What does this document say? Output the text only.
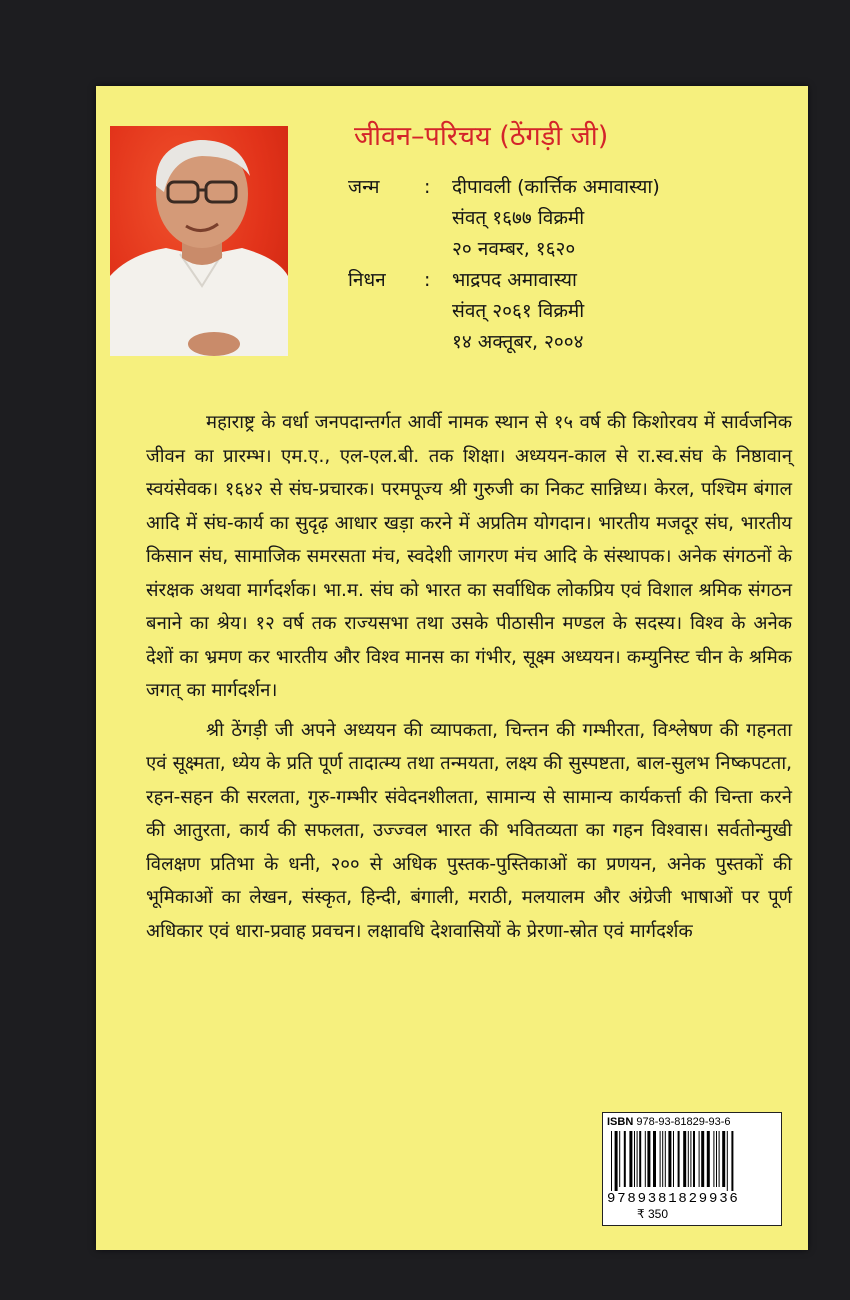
जीवन–परिचय (ठेंगड़ी जी)
जन्म : दीपावली (कार्त्तिक अमावास्या)
संवत् १६७७ विक्रमी
२० नवम्बर, १६२०
निधन : भाद्रपद अमावास्या
संवत् २०६१ विक्रमी
१४ अक्तूबर, २००४

महाराष्ट्र के वर्धा जनपदान्तर्गत आर्वी नामक स्थान से १५ वर्ष की किशोरवय में सार्वजनिक जीवन का प्रारम्भ। एम.ए., एल-एल.बी. तक शिक्षा। अध्ययन-काल से रा.स्व.संघ के निष्ठावान् स्वयंसेवक। १६४२ से संघ-प्रचारक। परमपूज्य श्री गुरुजी का निकट सान्निध्य। केरल, पश्चिम बंगाल आदि में संघ-कार्य का सुदृढ़ आधार खड़ा करने में अप्रतिम योगदान। भारतीय मजदूर संघ, भारतीय किसान संघ, सामाजिक समरसता मंच, स्वदेशी जागरण मंच आदि के संस्थापक। अनेक संगठनों के संरक्षक अथवा मार्गदर्शक। भा.म. संघ को भारत का सर्वाधिक लोकप्रिय एवं विशाल श्रमिक संगठन बनाने का श्रेय। १२ वर्ष तक राज्यसभा तथा उसके पीठासीन मण्डल के सदस्य। विश्व के अनेक देशों का भ्रमण कर भारतीय और विश्व मानस का गंभीर, सूक्ष्म अध्ययन। कम्युनिस्ट चीन के श्रमिक जगत् का मार्गदर्शन।

श्री ठेंगड़ी जी अपने अध्ययन की व्यापकता, चिन्तन की गम्भीरता, विश्लेषण की गहनता एवं सूक्ष्मता, ध्येय के प्रति पूर्ण तादात्म्य तथा तन्मयता, लक्ष्य की सुस्पष्टता, बाल-सुलभ निष्कपटता, रहन-सहन की सरलता, गुरु-गम्भीर संवेदनशीलता, सामान्य से सामान्य कार्यकर्त्ता की चिन्ता करने की आतुरता, कार्य की सफलता, उज्ज्वल भारत की भवितव्यता का गहन विश्वास। सर्वतोन्मुखी विलक्षण प्रतिभा के धनी, २०० से अधिक पुस्तक-पुस्तिकाओं का प्रणयन, अनेक पुस्तकों की भूमिकाओं का लेखन, संस्कृत, हिन्दी, बंगाली, मराठी, मलयालम और अंग्रेजी भाषाओं पर पूर्ण अधिकार एवं धारा-प्रवाह प्रवचन। लक्षावधि देशवासियों के प्रेरणा-स्रोत एवं मार्गदर्शक

ISBN 978-93-81829-93-6
9789381829936
₹ 350
